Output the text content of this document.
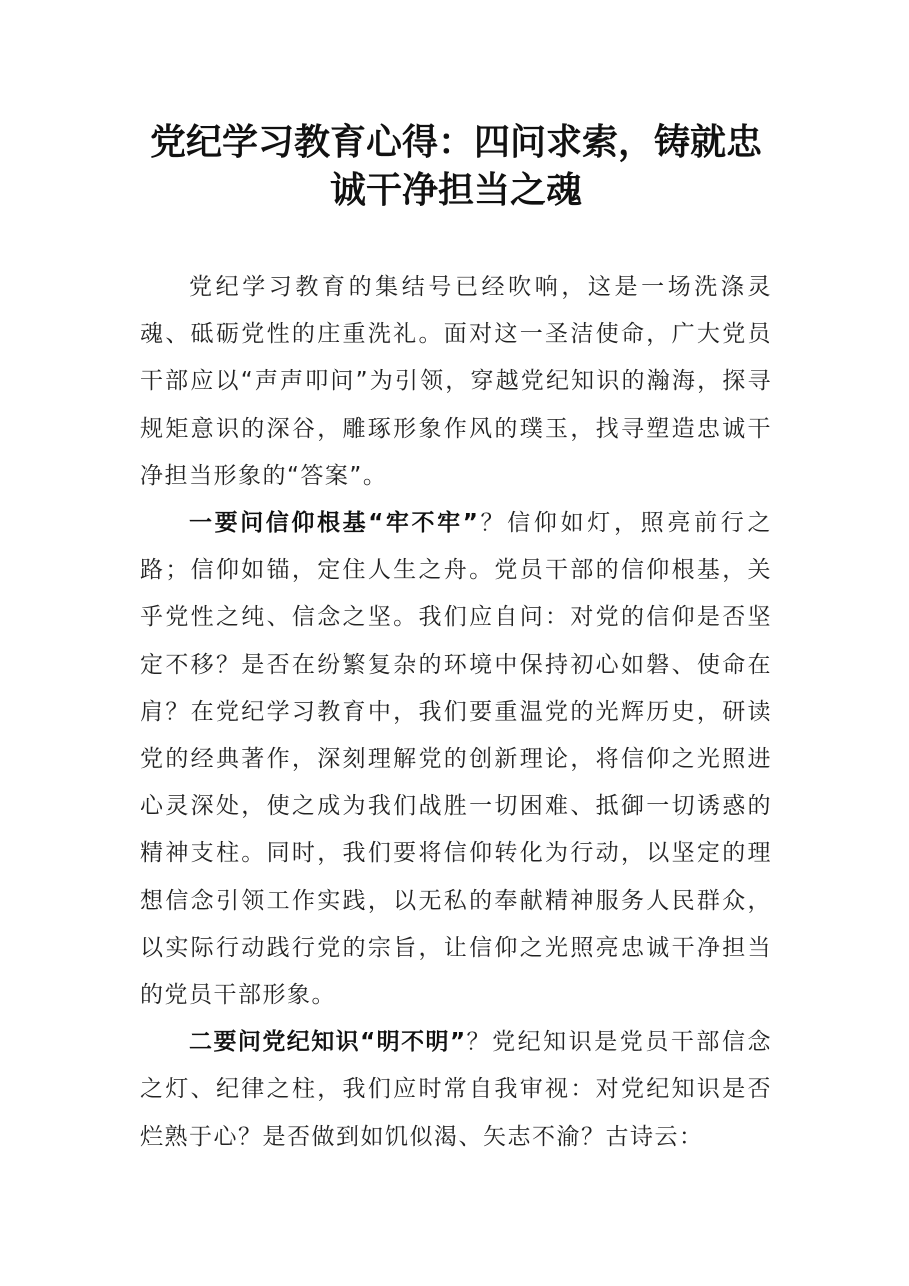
党纪学习教育心得：四问求索，铸就忠诚干净担当之魂

党纪学习教育的集结号已经吹响，这是一场洗涤灵魂、砥砺党性的庄重洗礼。面对这一圣洁使命，广大党员干部应以“声声叩问”为引领，穿越党纪知识的瀚海，探寻规矩意识的深谷，雕琢形象作风的璞玉，找寻塑造忠诚干净担当形象的“答案”。

一要问信仰根基“牢不牢”？信仰如灯，照亮前行之路；信仰如锚，定住人生之舟。党员干部的信仰根基，关乎党性之纯、信念之坚。我们应自问：对党的信仰是否坚定不移？是否在纷繁复杂的环境中保持初心如磐、使命在肩？在党纪学习教育中，我们要重温党的光辉历史，研读党的经典著作，深刻理解党的创新理论，将信仰之光照进心灵深处，使之成为我们战胜一切困难、抵御一切诱惑的精神支柱。同时，我们要将信仰转化为行动，以坚定的理想信念引领工作实践，以无私的奉献精神服务人民群众，以实际行动践行党的宗旨，让信仰之光照亮忠诚干净担当的党员干部形象。

二要问党纪知识“明不明”？党纪知识是党员干部信念之灯、纪律之柱，我们应时常自我审视：对党纪知识是否烂熟于心？是否做到如饥似渴、矢志不渝？古诗云：
